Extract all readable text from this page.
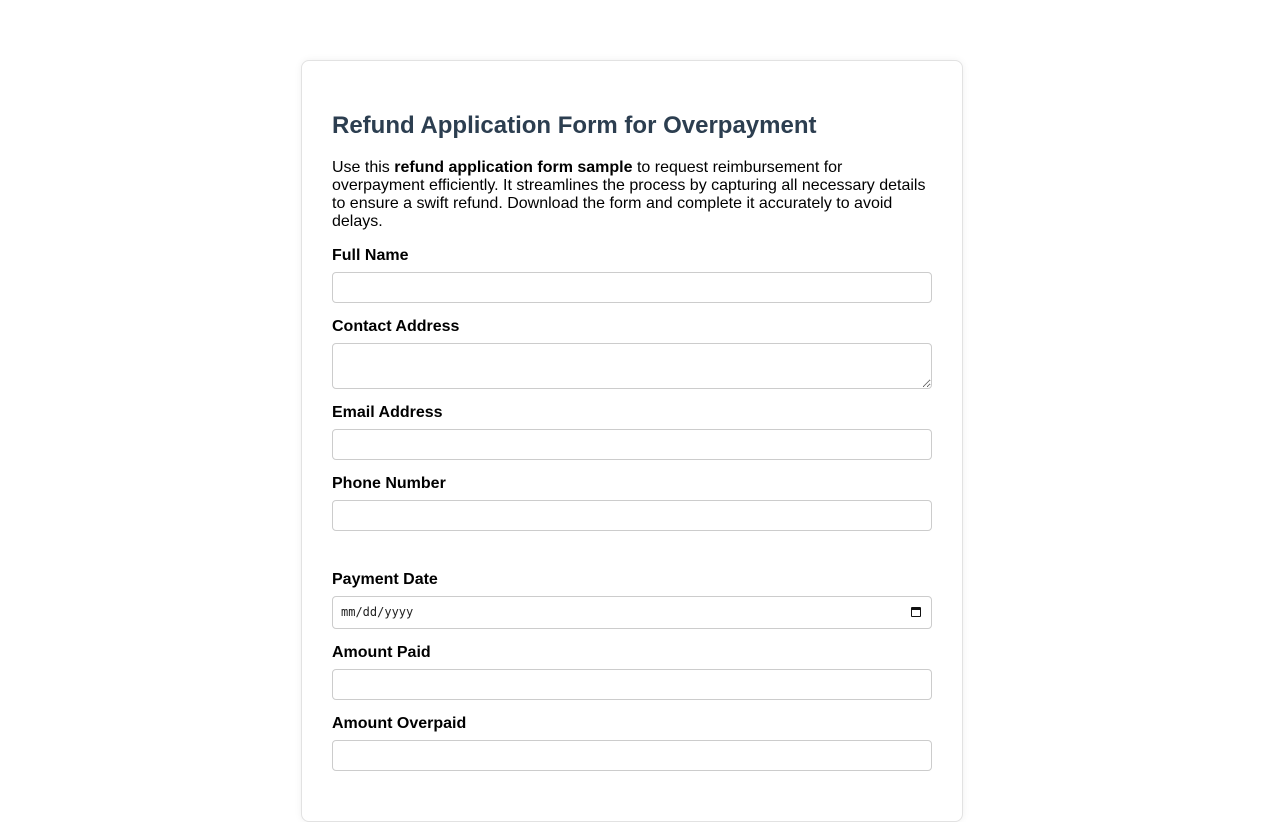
Refund Application Form for Overpayment

Use this refund application form sample to request reimbursement for overpayment efficiently. It streamlines the process by capturing all necessary details to ensure a swift refund. Download the form and complete it accurately to avoid delays.

Full Name
Contact Address
Email Address
Phone Number
Payment Date
mm/dd/yyyy
Amount Paid
Amount Overpaid
